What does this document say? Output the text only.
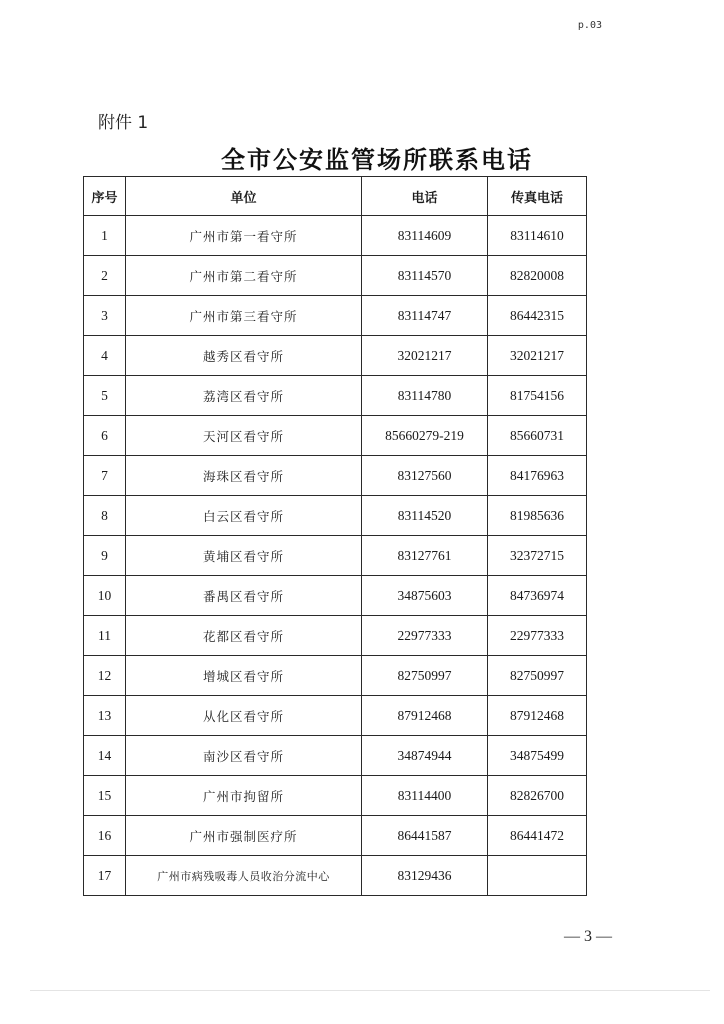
p.03
附件 1
全市公安监管场所联系电话
序号	单位	电话	传真电话
1	广州市第一看守所	83114609	83114610
2	广州市第二看守所	83114570	82820008
3	广州市第三看守所	83114747	86442315
4	越秀区看守所	32021217	32021217
5	荔湾区看守所	83114780	81754156
6	天河区看守所	85660279-219	85660731
7	海珠区看守所	83127560	84176963
8	白云区看守所	83114520	81985636
9	黄埔区看守所	83127761	32372715
10	番禺区看守所	34875603	84736974
11	花都区看守所	22977333	22977333
12	增城区看守所	82750997	82750997
13	从化区看守所	87912468	87912468
14	南沙区看守所	34874944	34875499
15	广州市拘留所	83114400	82826700
16	广州市强制医疗所	86441587	86441472
17	广州市病残吸毒人员收治分流中心	83129436	
— 3 —
